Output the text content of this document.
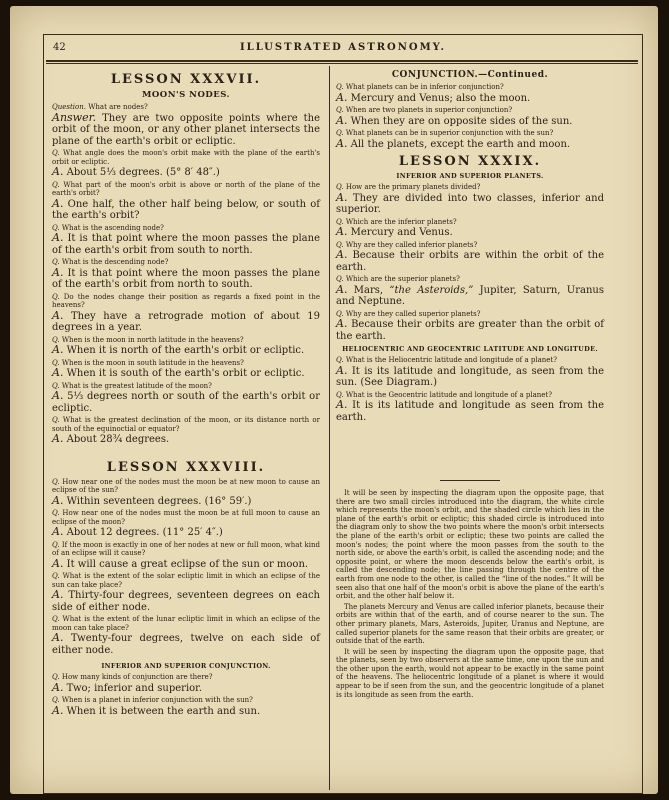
42	ILLUSTRATED ASTRONOMY.
LESSON XXXVII.
MOON'S NODES.

Question. What are nodes?

Answer. They are two opposite points where the orbit of the moon, or any other planet intersects the plane of the earth's orbit or ecliptic.

Q. What angle does the moon's orbit make with the plane of the earth's orbit or ecliptic.

A. About 5⅓ degrees. (5° 8′ 48″.)

Q. What part of the moon's orbit is above or north of the plane of the earth's orbit?

A. One half, the other half being below, or south of the earth's orbit?

Q. What is the ascending node?

A. It is that point where the moon passes the plane of the earth's orbit from south to north.

Q. What is the descending node?

A. It is that point where the moon passes the plane of the earth's orbit from north to south.

Q. Do the nodes change their position as regards a fixed point in the heavens?

A. They have a retrograde motion of about 19 degrees in a year.

Q. When is the moon in north latitude in the heavens?

A. When it is north of the earth's orbit or ecliptic.

Q. When is the moon in south latitude in the heavens?

A. When it is south of the earth's orbit or ecliptic.

Q. What is the greatest latitude of the moon?

A. 5⅓ degrees north or south of the earth's orbit or ecliptic.

Q. What is the greatest declination of the moon, or its distance north or south of the equinoctial or equator?

A. About 28¾ degrees.

LESSON XXXVIII.

Q. How near one of the nodes must the moon be at new moon to cause an eclipse of the sun?

A. Within seventeen degrees. (16° 59′.)

Q. How near one of the nodes must the moon be at full moon to cause an eclipse of the moon?

A. About 12 degrees. (11° 25′ 4″.)

Q. If the moon is exactly in one of her nodes at new or full moon, what kind of an eclipse will it cause?

A. It will cause a great eclipse of the sun or moon.

Q. What is the extent of the solar ecliptic limit in which an eclipse of the sun can take place?

A. Thirty-four degrees, seventeen degrees on each side of either node.

Q. What is the extent of the lunar ecliptic limit in which an eclipse of the moon can take place?

A. Twenty-four degrees, twelve on each side of either node.

INFERIOR AND SUPERIOR CONJUNCTION.

Q. How many kinds of conjunction are there?

A. Two; inferior and superior.

Q. When is a planet in inferior conjunction with the sun?

A. When it is between the earth and sun.

CONJUNCTION.—Continued.

Q. What planets can be in inferior conjunction?

A. Mercury and Venus; also the moon.

Q. When are two planets in superior conjunction?

A. When they are on opposite sides of the sun.

Q. What planets can be in superior conjunction with the sun?

A. All the planets, except the earth and moon.

LESSON XXXIX.
INFERIOR AND SUPERIOR PLANETS.

Q. How are the primary planets divided?

A. They are divided into two classes, inferior and superior.

Q. Which are the inferior planets?

A. Mercury and Venus.

Q. Why are they called inferior planets?

A. Because their orbits are within the orbit of the earth.

Q. Which are the superior planets?

A. Mars, “the Asteroids,” Jupiter, Saturn, Uranus and Neptune.

Q. Why are they called superior planets?

A. Because their orbits are greater than the orbit of the earth.

HELIOCENTRIC AND GEOCENTRIC LATITUDE AND LONGITUDE.

Q. What is the Heliocentric latitude and longitude of a planet?

A. It is its latitude and longitude, as seen from the sun. (See Diagram.)

Q. What is the Geocentric latitude and longitude of a planet?

A. It is its latitude and longitude as seen from the earth.

It will be seen by inspecting the diagram upon the opposite page, that there are two small circles introduced into the diagram, the white circle which represents the moon's orbit, and the shaded circle which lies in the plane of the earth's orbit or ecliptic; this shaded circle is introduced into the diagram only to show the two points where the moon's orbit intersects the plane of the earth's orbit or ecliptic; these two points are called the moon's nodes; the point where the moon passes from the south to the north side, or above the earth's orbit, is called the ascending node; and the opposite point, or where the moon descends below the earth's orbit, is called the descending node; the line passing through the centre of the earth from one node to the other, is called the “line of the nodes.” It will be seen also that one half of the moon's orbit is above the plane of the earth's orbit, and the other half below it.

The planets Mercury and Venus are called inferior planets, because their orbits are within that of the earth, and of course nearer to the sun. The other primary planets, Mars, Asteroids, Jupiter, Uranus and Neptune, are called superior planets for the same reason that their orbits are greater, or outside that of the earth.

It will be seen by inspecting the diagram upon the opposite page, that the planets, seen by two observers at the same time, one upon the sun and the other upon the earth, would not appear to be exactly in the same point of the heavens. The heliocentric longitude of a planet is where it would appear to be if seen from the sun, and the geocentric longitude of a planet is its longitude as seen from the earth.
